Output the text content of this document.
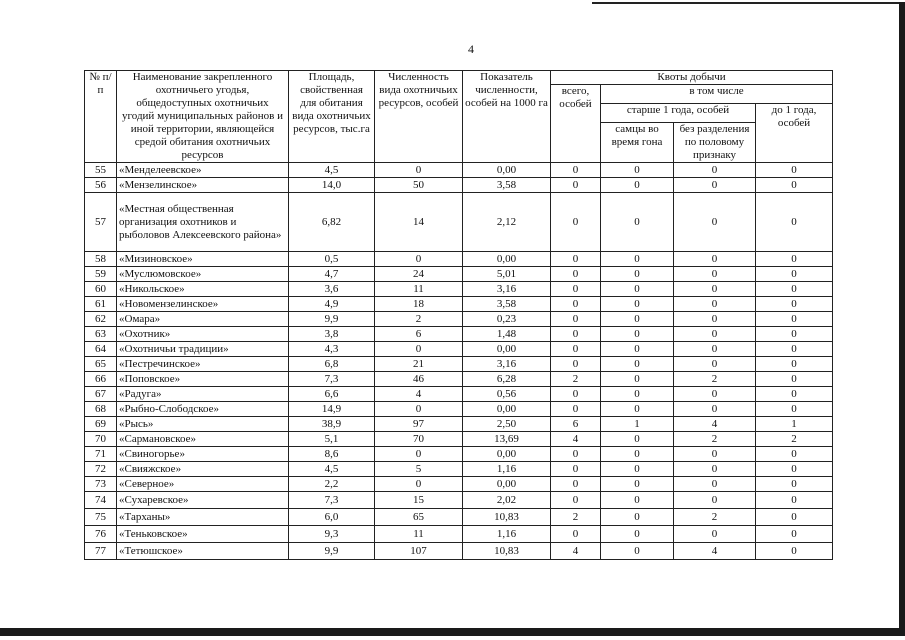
4
№ п/п	Наименование закрепленного охотничьего угодья, общедоступных охотничьих угодий муниципальных районов и иной территории, являющейся средой обитания охотничьих ресурсов	Площадь, свойственная для обитания вида охотничьих ресурсов, тыс.га	Численность вида охотничьих ресурсов, особей	Показатель численности, особей на 1000 га	Квоты добычи			
					всего, особей	в том числе		
						старше 1 года, особей		до 1 года, особей
						самцы во время гона	без разделения по половому признаку	
55	«Менделеевское»	4,5	0	0,00	0	0	0	0
56	«Мензелинское»	14,0	50	3,58	0	0	0	0
57	«Местная общественная организация охотников и рыболовов Алексеевского района»	6,82	14	2,12	0	0	0	0
58	«Мизиновское»	0,5	0	0,00	0	0	0	0
59	«Муслюмовское»	4,7	24	5,01	0	0	0	0
60	«Никольское»	3,6	11	3,16	0	0	0	0
61	«Новомензелинское»	4,9	18	3,58	0	0	0	0
62	«Омара»	9,9	2	0,23	0	0	0	0
63	«Охотник»	3,8	6	1,48	0	0	0	0
64	«Охотничьи традиции»	4,3	0	0,00	0	0	0	0
65	«Пестречинское»	6,8	21	3,16	0	0	0	0
66	«Поповское»	7,3	46	6,28	2	0	2	0
67	«Радуга»	6,6	4	0,56	0	0	0	0
68	«Рыбно-Слободское»	14,9	0	0,00	0	0	0	0
69	«Рысь»	38,9	97	2,50	6	1	4	1
70	«Сармановское»	5,1	70	13,69	4	0	2	2
71	«Свиногорье»	8,6	0	0,00	0	0	0	0
72	«Свияжское»	4,5	5	1,16	0	0	0	0
73	«Северное»	2,2	0	0,00	0	0	0	0
74	«Сухаревское»	7,3	15	2,02	0	0	0	0
75	«Тарханы»	6,0	65	10,83	2	0	2	0
76	«Теньковское»	9,3	11	1,16	0	0	0	0
77	«Тетюшское»	9,9	107	10,83	4	0	4	0
